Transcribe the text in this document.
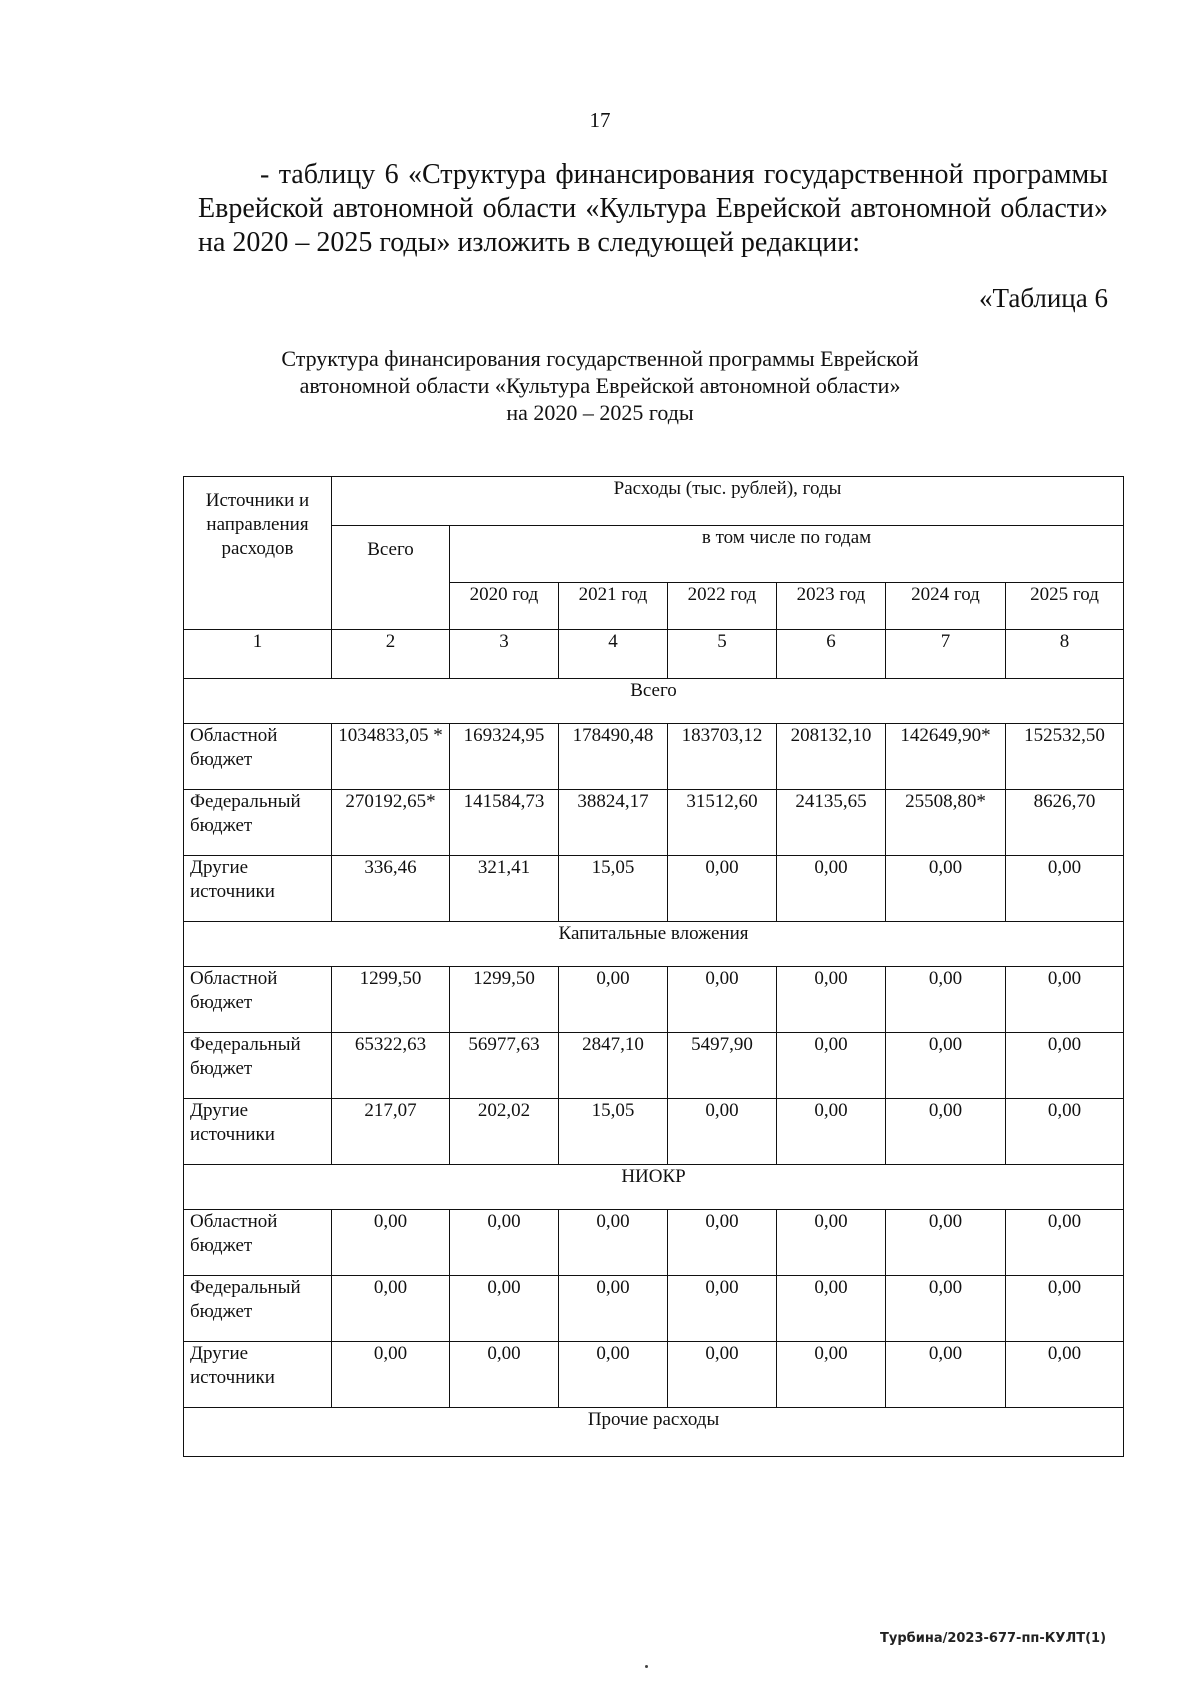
17
- таблицу 6 «Структура финансирования государственной программы Еврейской автономной области «Культура Еврейской автономной области» на 2020 – 2025 годы» изложить в следующей редакции:
«Таблица 6
Структура финансирования государственной программы Еврейской
автономной области «Культура Еврейской автономной области»
на 2020 – 2025 годы
Источники и направления расходов	Расходы (тыс. рублей), годы						
	Всего	в том числе по годам					
		2020 год	2021 год	2022 год	2023 год	2024 год	2025 год
1	2	3	4	5	6	7	8
Всего							
Областной бюджет	1034833,05 *	169324,95	178490,48	183703,12	208132,10	142649,90*	152532,50
Федеральный бюджет	270192,65*	141584,73	38824,17	31512,60	24135,65	25508,80*	8626,70
Другие источники	336,46	321,41	15,05	0,00	0,00	0,00	0,00
Капитальные вложения							
Областной бюджет	1299,50	1299,50	0,00	0,00	0,00	0,00	0,00
Федеральный бюджет	65322,63	56977,63	2847,10	5497,90	0,00	0,00	0,00
Другие источники	217,07	202,02	15,05	0,00	0,00	0,00	0,00
НИОКР							
Областной бюджет	0,00	0,00	0,00	0,00	0,00	0,00	0,00
Федеральный бюджет	0,00	0,00	0,00	0,00	0,00	0,00	0,00
Другие источники	0,00	0,00	0,00	0,00	0,00	0,00	0,00
Прочие расходы							
Турбина/2023-677-пп-КУЛТ(1)
